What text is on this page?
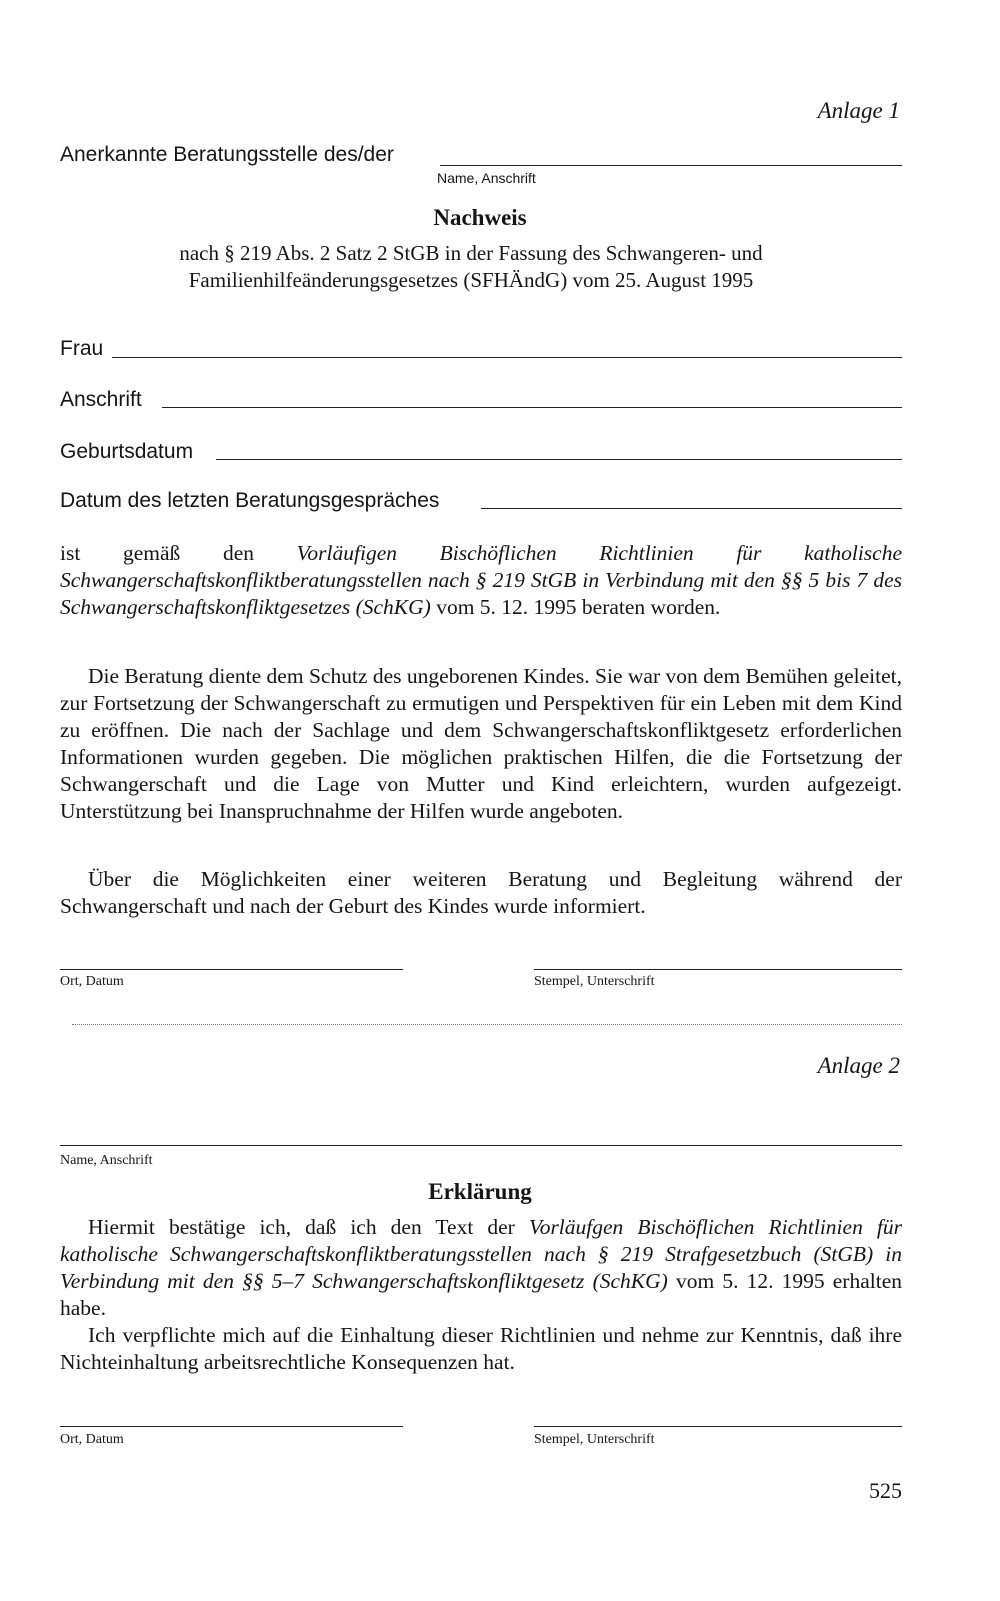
Anlage 1
Anerkannte Beratungsstelle des/der
Name, Anschrift
Nachweis
nach § 219 Abs. 2 Satz 2 StGB in der Fassung des Schwangeren- und
Familienhilfeänderungsgesetzes (SFHÄndG) vom 25. August 1995
Frau
Anschrift
Geburtsdatum
Datum des letzten Beratungsgespräches

ist gemäß den Vorläufigen Bischöflichen Richtlinien für katholische Schwangerschaftskonfliktberatungsstellen nach § 219 StGB in Verbindung mit den §§ 5 bis 7 des Schwangerschaftskonfliktgesetzes (SchKG) vom 5. 12. 1995 beraten worden.

Die Beratung diente dem Schutz des ungeborenen Kindes. Sie war von dem Bemühen geleitet, zur Fortsetzung der Schwangerschaft zu ermutigen und Perspektiven für ein Leben mit dem Kind zu eröffnen. Die nach der Sachlage und dem Schwangerschaftskonfliktgesetz erforderlichen Informationen wurden gegeben. Die möglichen praktischen Hilfen, die die Fortsetzung der Schwangerschaft und die Lage von Mutter und Kind erleichtern, wurden aufgezeigt. Unterstützung bei Inanspruchnahme der Hilfen wurde angeboten.

Über die Möglichkeiten einer weiteren Beratung und Begleitung während der Schwangerschaft und nach der Geburt des Kindes wurde informiert.

Ort, Datum	Stempel, Unterschrift
Anlage 2
Name, Anschrift
Erklärung

Hiermit bestätige ich, daß ich den Text der Vorläufgen Bischöflichen Richtlinien für katholische Schwangerschaftskonfliktberatungsstellen nach § 219 Strafgesetzbuch (StGB) in Verbindung mit den §§ 5–7 Schwangerschaftskonfliktgesetz (SchKG) vom 5. 12. 1995 erhalten habe.

Ich verpflichte mich auf die Einhaltung dieser Richtlinien und nehme zur Kenntnis, daß ihre Nichteinhaltung arbeitsrechtliche Konsequenzen hat.

Ort, Datum	Stempel, Unterschrift
525
